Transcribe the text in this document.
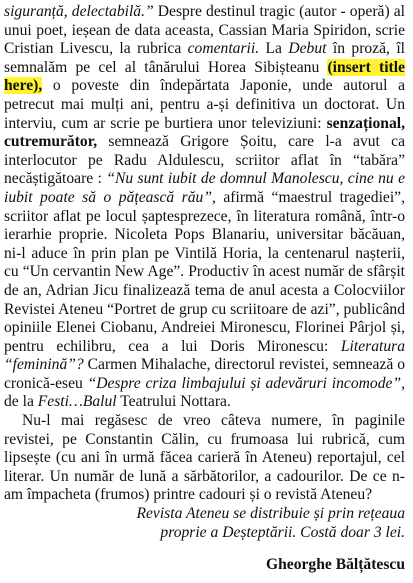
siguranță, delectabilă.” Despre destinul tragic (autor - operă) al unui poet, ieșean de data aceasta, Cassian Maria Spiridon, scrie Cristian Livescu, la rubrica comentarii. La Debut în proză, îl semnalăm pe cel al tânărului Horea Sibișteanu (insert title here), o poveste din îndepărtata Japonie, unde autorul a petrecut mai mulți ani, pentru a-și definitiva un doctorat. Un interviu, cum ar scrie pe burtiera unor televiziuni: senzațional, cutremurător, semnează Grigore Șoitu, care l-a avut ca interlocutor pe Radu Aldulescu, scriitor aflat în “tabăra” necăștigătoare : “Nu sunt iubit de domnul Manolescu, cine nu e iubit poate să o pățească rău”, afirmă “maestrul tragediei”, scriitor aflat pe locul șaptesprezece, în literatura română, într-o ierarhie proprie. Nicoleta Pops Blanariu, universitar băcăuan, ni-l aduce în prin plan pe Vintilă Horia, la centenarul nașterii, cu “Un cervantin New Age”. Productiv în acest număr de sfârșit de an, Adrian Jicu finalizează tema de anul acesta a Colocviilor Revistei Ateneu “Portret de grup cu scriitoare de azi”, publicând opiniile Elenei Ciobanu, Andreiei Mironescu, Florinei Pârjol și, pentru echilibru, cea a lui Doris Mironescu: Literatura “feminină”? Carmen Mihalache, directorul revistei, semnează o cronică-eseu “Despre criza limbajului și adevăruri incomode”, de la Festi…Balul Teatrului Nottara.

Nu-l mai regăsesc de vreo câteva numere, în paginile revistei, pe Constantin Călin, cu frumoasa lui rubrică, cum lipsește (cu ani în urmă făcea carieră în Ateneu) reportajul, cel literar. Un număr de lună a sărbătorilor, a cadourilor. De ce n-am împacheta (frumos) printre cadouri și o revistă Ateneu?

Revista Ateneu se distribuie și prin rețeaua

proprie a Deșteptării. Costă doar 3 lei.

Gheorghe Bălțătescu
